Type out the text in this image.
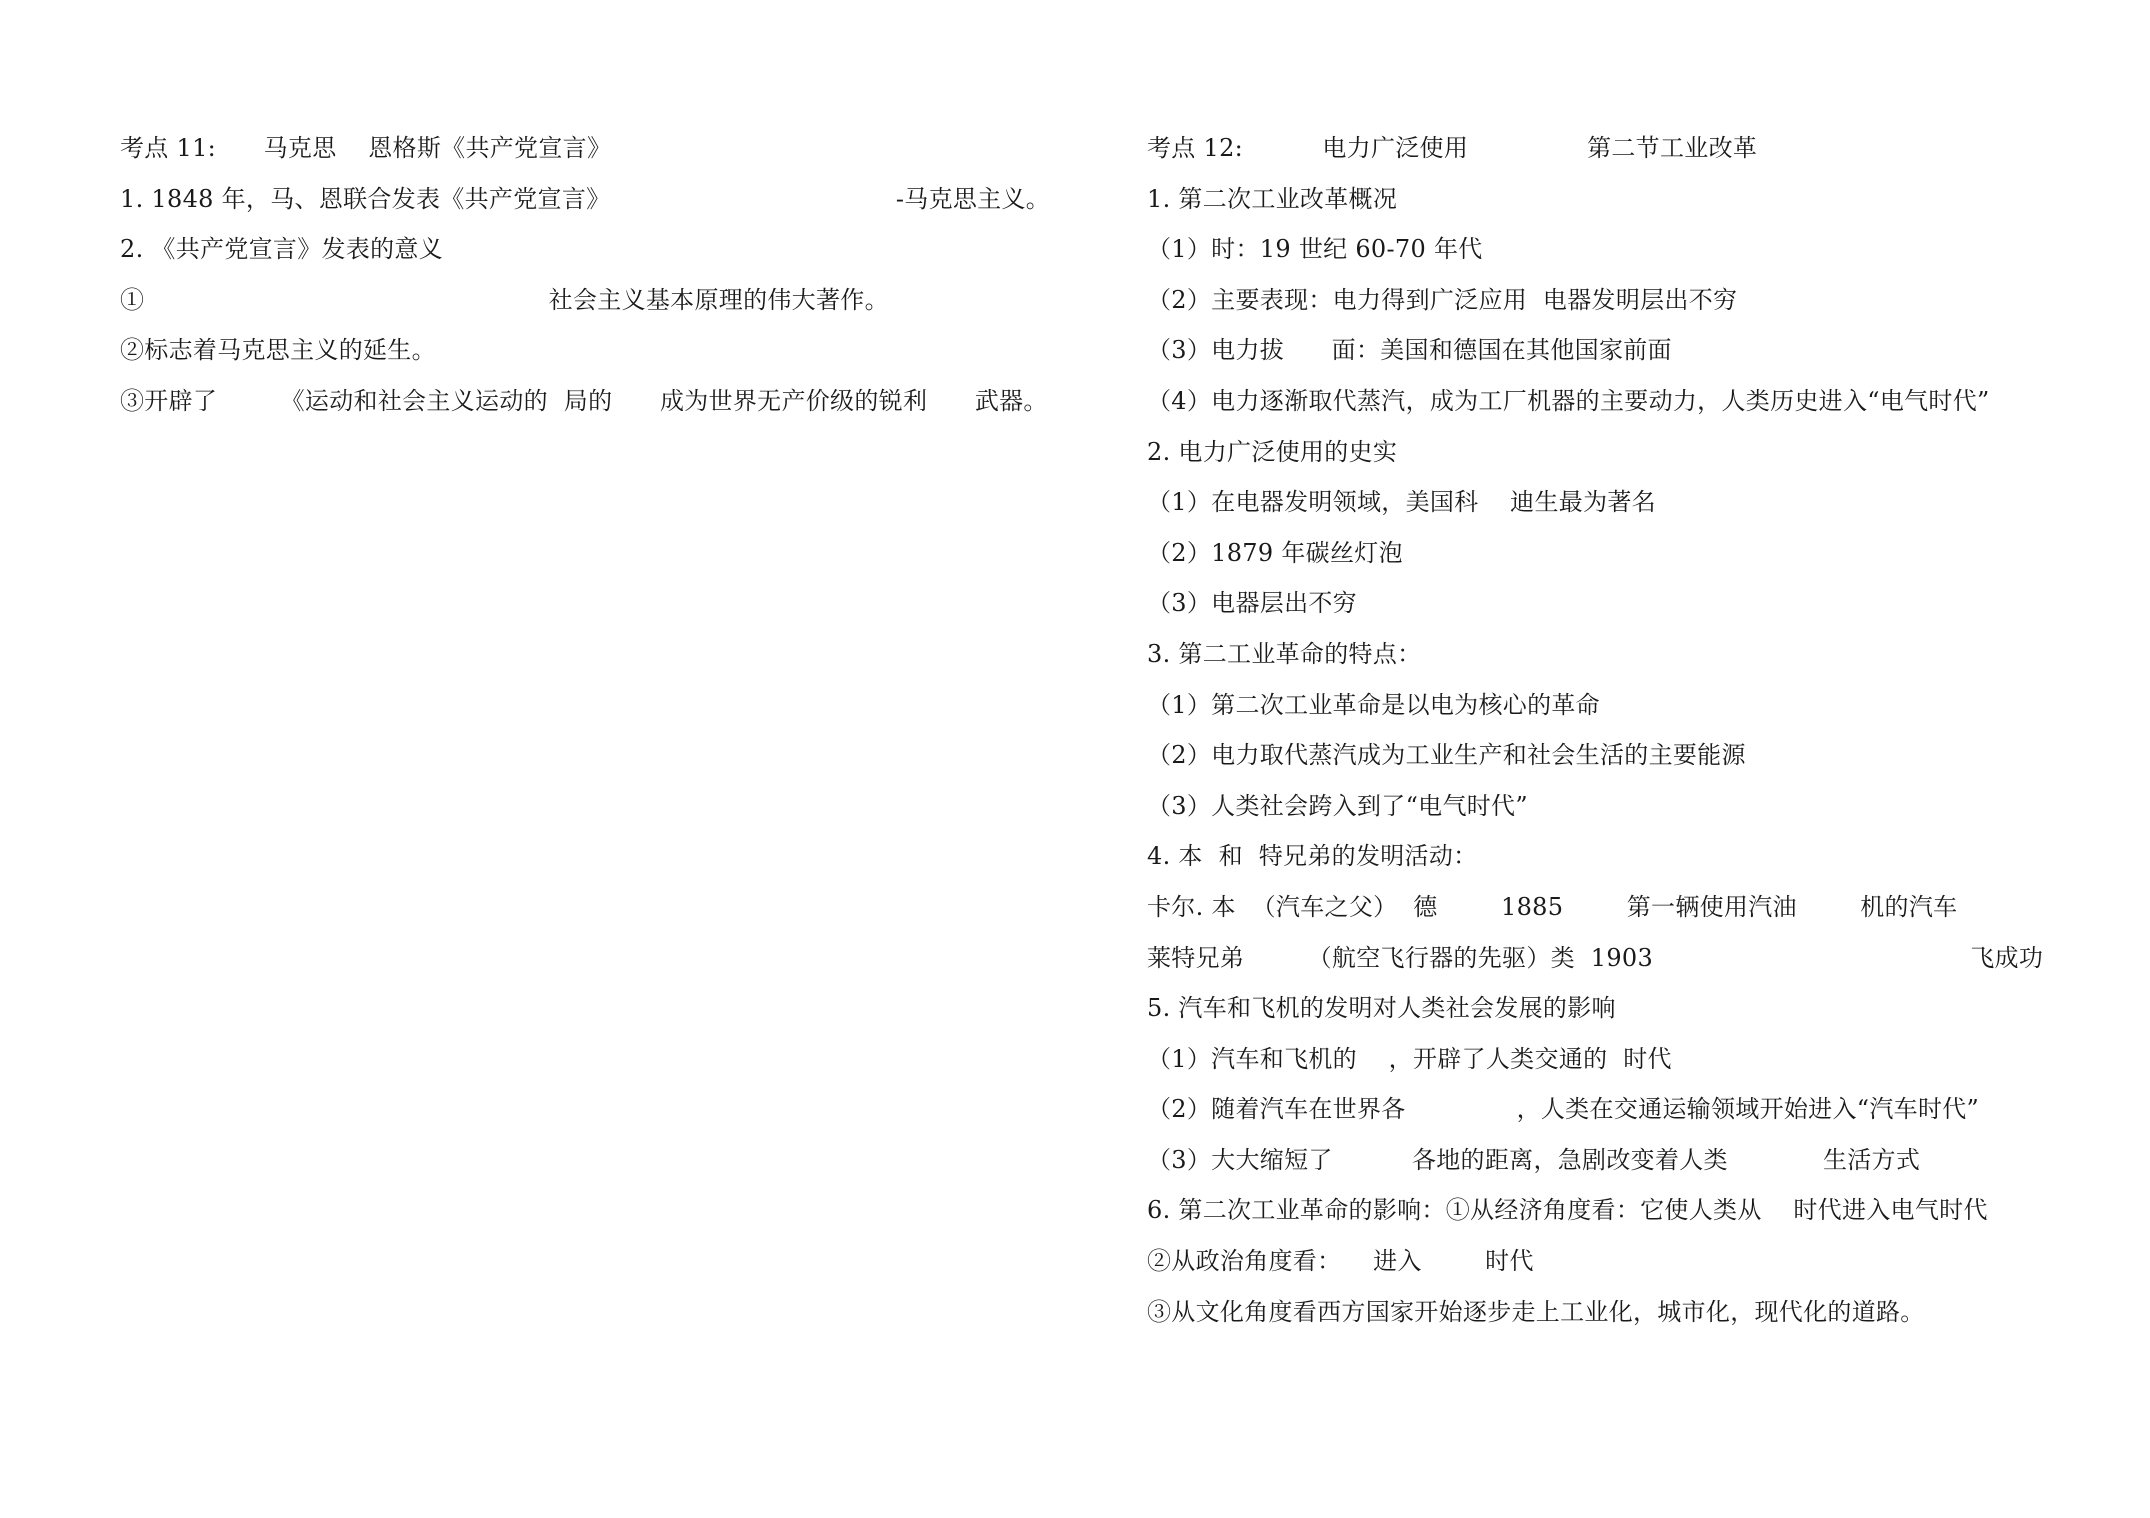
考点 11:      马克思    恩格斯《共产党宣言》
1. 1848 年，马、恩联合发表《共产党宣言》                                    -马克思主义。
2. 《共产党宣言》发表的意义
①                                                   社会主义基本原理的伟大著作。
②标志着马克思主义的延生。
③开辟了        《运动和社会主义运动的  局的      成为世界无产价级的锐利      武器。
考点 12:          电力广泛使用               第二节工业改革
1. 第二次工业改革概况
（1）时：19 世纪 60-70 年代
（2）主要表现：电力得到广泛应用  电器发明层出不穷
（3）电力拔      面：美国和德国在其他国家前面
（4）电力逐渐取代蒸汽，成为工厂机器的主要动力，人类历史进入“电气时代”
2. 电力广泛使用的史实
（1）在电器发明领域，美国科    迪生最为著名
（2）1879 年碳丝灯泡
（3）电器层出不穷
3. 第二工业革命的特点：
（1）第二次工业革命是以电为核心的革命
（2）电力取代蒸汽成为工业生产和社会生活的主要能源
（3）人类社会跨入到了“电气时代”
4. 本  和  特兄弟的发明活动：
卡尔. 本  （汽车之父）  德        1885        第一辆使用汽油        机的汽车
莱特兄弟        （航空飞行器的先驱）类  1903                                        飞成功
5. 汽车和飞机的发明对人类社会发展的影响
（1）汽车和飞机的    ，开辟了人类交通的  时代
（2）随着汽车在世界各              ，人类在交通运输领域开始进入“汽车时代”
（3）大大缩短了          各地的距离，急剧改变着人类            生活方式
6. 第二次工业革命的影响：①从经济角度看：它使人类从    时代进入电气时代
②从政治角度看：    进入        时代
③从文化角度看西方国家开始逐步走上工业化，城市化，现代化的道路。
